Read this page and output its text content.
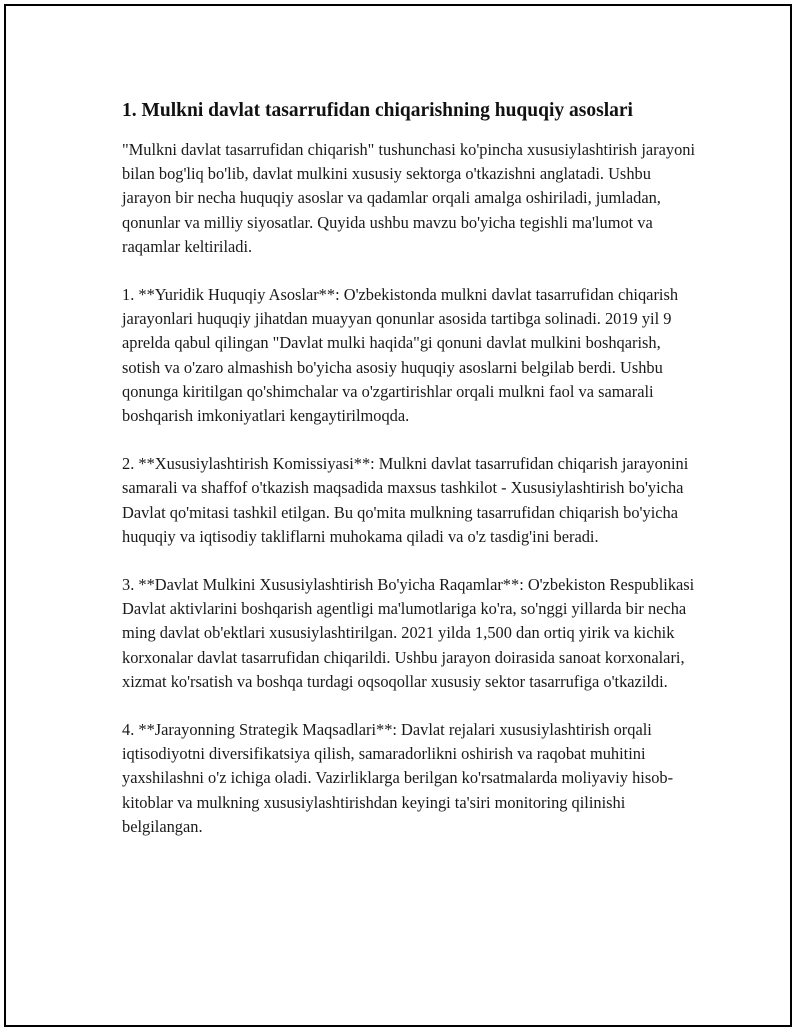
1. Mulkni davlat tasarrufidan chiqarishning huquqiy asoslari

"Mulkni davlat tasarrufidan chiqarish" tushunchasi ko'pincha xususiylashtirish jarayoni bilan bog'liq bo'lib, davlat mulkini xususiy sektorga o'tkazishni anglatadi. Ushbu jarayon bir necha huquqiy asoslar va qadamlar orqali amalga oshiriladi, jumladan, qonunlar va milliy siyosatlar. Quyida ushbu mavzu bo'yicha tegishli ma'lumot va raqamlar keltiriladi.

1. **Yuridik Huquqiy Asoslar**: O'zbekistonda mulkni davlat tasarrufidan chiqarish jarayonlari huquqiy jihatdan muayyan qonunlar asosida tartibga solinadi. 2019 yil 9 aprelda qabul qilingan "Davlat mulki haqida"gi qonuni davlat mulkini boshqarish, sotish va o'zaro almashish bo'yicha asosiy huquqiy asoslarni belgilab berdi. Ushbu qonunga kiritilgan qo'shimchalar va o'zgartirishlar orqali mulkni faol va samarali boshqarish imkoniyatlari kengaytirilmoqda.

2. **Xususiylashtirish Komissiyasi**: Mulkni davlat tasarrufidan chiqarish jarayonini samarali va shaffof o'tkazish maqsadida maxsus tashkilot - Xususiylashtirish bo'yicha Davlat qo'mitasi tashkil etilgan. Bu qo'mita mulkning tasarrufidan chiqarish bo'yicha huquqiy va iqtisodiy takliflarni muhokama qiladi va o'z tasdig'ini beradi.

3. **Davlat Mulkini Xususiylashtirish Bo'yicha Raqamlar**: O'zbekiston Respublikasi Davlat aktivlarini boshqarish agentligi ma'lumotlariga ko'ra, so'nggi yillarda bir necha ming davlat ob'ektlari xususiylashtirilgan. 2021 yilda 1,500 dan ortiq yirik va kichik korxonalar davlat tasarrufidan chiqarildi. Ushbu jarayon doirasida sanoat korxonalari, xizmat ko'rsatish va boshqa turdagi oqsoqollar xususiy sektor tasarrufiga o'tkazildi.

4. **Jarayonning Strategik Maqsadlari**: Davlat rejalari xususiylashtirish orqali iqtisodiyotni diversifikatsiya qilish, samaradorlikni oshirish va raqobat muhitini yaxshilashni o'z ichiga oladi. Vazirliklarga berilgan ko'rsatmalarda moliyaviy hisob-kitoblar va mulkning xususiylashtirishdan keyingi ta'siri monitoring qilinishi belgilangan.
